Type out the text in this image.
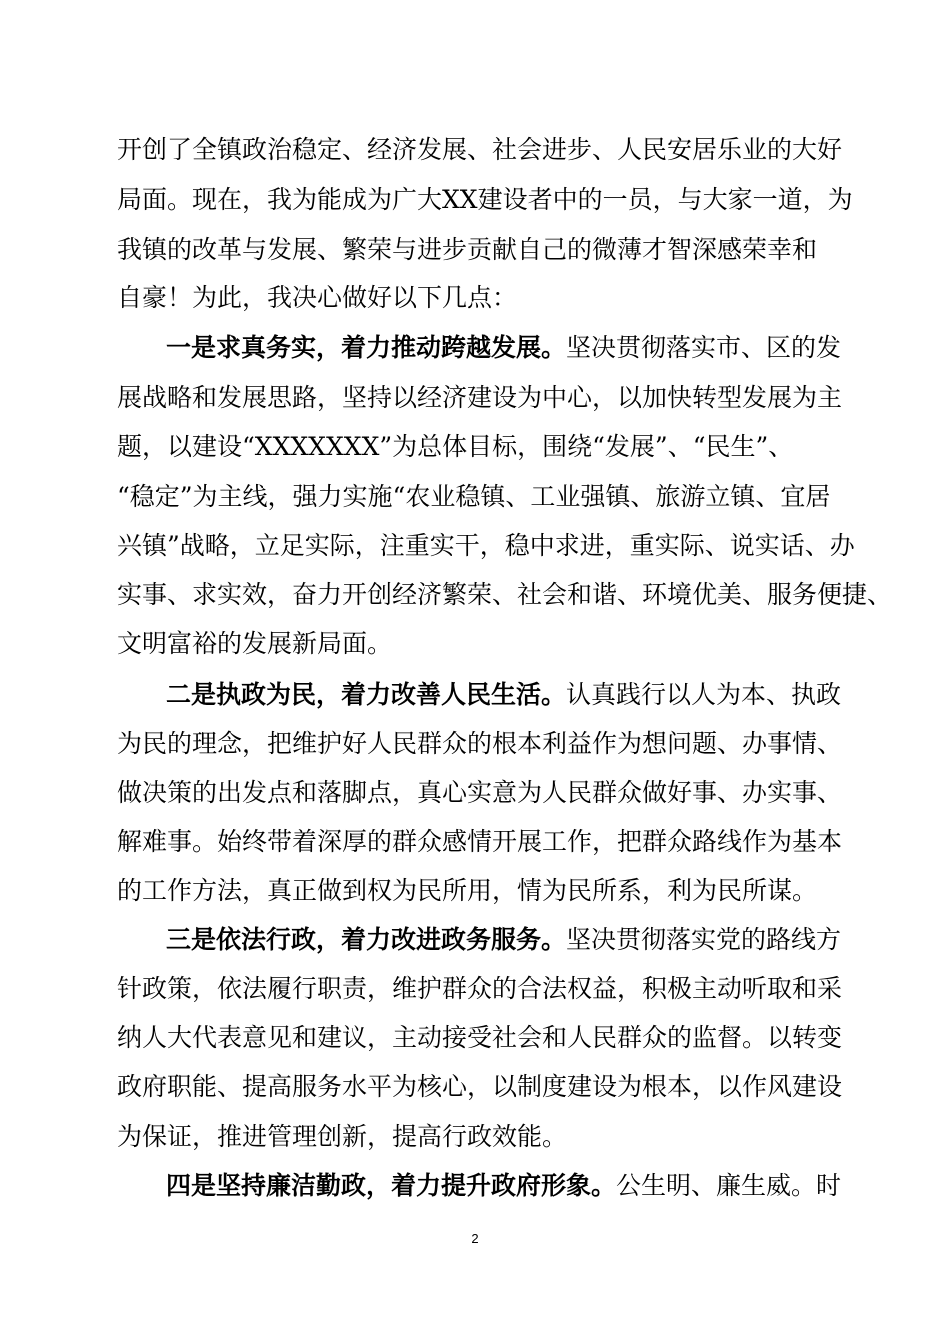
开创了全镇政治稳定、经济发展、社会进步、人民安居乐业的大好
局面。现在，我为能成为广大XX建设者中的一员，与大家一道，为
我镇的改革与发展、繁荣与进步贡献自己的微薄才智深感荣幸和
自豪！为此，我决心做好以下几点：
一是求真务实，着力推动跨越发展。坚决贯彻落实市、区的发
展战略和发展思路，坚持以经济建设为中心，以加快转型发展为主
题，以建设“XXXXXXX”为总体目标，围绕“发展”、“民生”、
“稳定”为主线，强力实施“农业稳镇、工业强镇、旅游立镇、宜居
兴镇”战略，立足实际，注重实干，稳中求进，重实际、说实话、办
实事、求实效，奋力开创经济繁荣、社会和谐、环境优美、服务便捷、
文明富裕的发展新局面。
二是执政为民，着力改善人民生活。认真践行以人为本、执政
为民的理念，把维护好人民群众的根本利益作为想问题、办事情、
做决策的出发点和落脚点，真心实意为人民群众做好事、办实事、
解难事。始终带着深厚的群众感情开展工作，把群众路线作为基本
的工作方法，真正做到权为民所用，情为民所系，利为民所谋。
三是依法行政，着力改进政务服务。坚决贯彻落实党的路线方
针政策，依法履行职责，维护群众的合法权益，积极主动听取和采
纳人大代表意见和建议，主动接受社会和人民群众的监督。以转变
政府职能、提高服务水平为核心，以制度建设为根本，以作风建设
为保证，推进管理创新，提高行政效能。
四是坚持廉洁勤政，着力提升政府形象。公生明、廉生威。时
2
